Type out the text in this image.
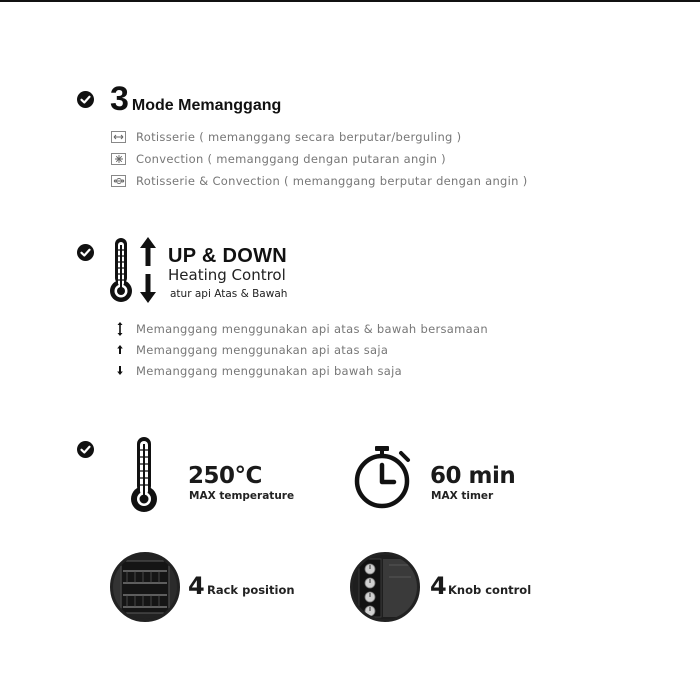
3 Mode Memanggang
Rotisserie ( memanggang secara berputar/berguling )
Convection ( memanggang dengan putaran angin )
Rotisserie & Convection ( memanggang berputar dengan angin )
UP & DOWN
Heating Control
atur api Atas & Bawah
Memanggang menggunakan api atas & bawah bersamaan
Memanggang menggunakan api atas saja
Memanggang menggunakan api bawah saja
250°C
MAX temperature
60 min
MAX timer
4 Rack position	4 Knob control
